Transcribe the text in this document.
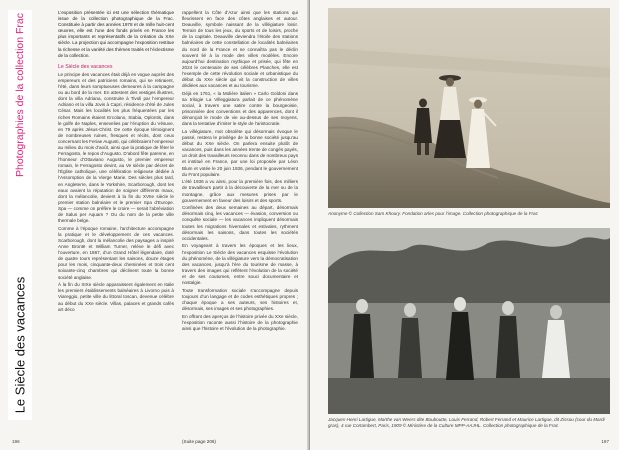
Photographies de la collection Frac
Le Siècle des vacances

L’exposition présentée ici est une sélection thématique issue de la collection photographique de la Frac. Constituée à partir des années 1978 et de mille huit-cent œuvres, elle est l’une des fonds privés en France les plus importants et représentatifs de la création du XXe siècle. La projection qui accompagne l’exposition restitue la richesse et la variété des thèmes traités et l’éclectisme de la collection.

Le Siècle des vacances

Le principe des vacances était déjà en vogue auprès des empereurs et des patriciens romains, qui se retiraient, l’été, dans leurs somptueuses demeures à la campagne ou au bord de la mer. En attestent des vestiges illustres, dont la villa Adriana, construite à Tivoli par l’empereur Adriano et la villa Jovis à Capri, résidence d’été de Jules César. Mais les localités les plus fréquentées par les riches Romains étaient Ercolano, Stabia, Oplontis, dans le golfe de Naples, ensevelies par l’éruption du Vésuve, en 79 après Jésus-Christ. De cette époque témoignent de nombreuses ruines, fresques et récits, dont ceux concernant les Feriae Augusti, qui célébraient l’empereur au milieu du mois d’août, ainsi que la pratique de fêter le Ferragosto, le repos d’Augusto. D’abord fête païenne, en l’honneur d’Ottaviano Augusto, le premier empereur romain, le Ferragosto devint, au Ve siècle par décret de l’Église catholique, une célébration religieuse dédiée à l’Assomption de la Vierge Marie. Des siècles plus tard, en Angleterre, dans le Yorkshire, Scarborough, dont les eaux avaient la réputation de soigner différents maux, dont la mélancolie, devient à la fin du XVIIe siècle le premier station balnéaire et le premier Spa d’Europe. Spa — comme on préfère le croire — serait l’abréviation de Salus per Aquam ? Ou du nom de la petite ville thermale belge.

Comme à l’époque romaine, l’architecture accompagne la pratique et le développement de ces vacances. Scarborough, dont la mélancolie des paysages a inspiré Anne Brontë et William Turner, relève le défi avec l’ouverture, en 1867, d’un Grand Hôtel légendaire, doté de quatre tours représentant les saisons, douze étages pour les mois, cinquante-deux cheminées et trois cent soixante-cinq chambres qui déclinent toute la bonne société anglaise.

À la fin du XIXe siècle apparaissent également en Italie les premiers établissements balnéaires à Livorno puis à Viareggio, petite ville du littoral toscan, devenue célèbre au début du XXe siècle. Villas, palaces et grands cafés art déco

rappellent la Côte d’Azur ainsi que les stations qui fleurissent en face des côtes anglaises et autour. Deauville, symbole naissant de la villégiature loisir. Terrain de tous les jeux, du sports et de loisirs, proche de la capitale. Deauville deviendra l’étoile des stations balnéaires de cette constellation de localités balnéaires du nord de la France et ne connaîtra pas le déclin souvent lié à la mode des villes modèles. Encore aujourd’hui destination mythique et prisée, qui fête en 2024 le centenaire de ses célèbres Planches, elle est l’exemple de cette révolution sociale et urbanistique du début du XXe siècle qui vit la construction de villes dédiées aux vacances et au tourisme.

Déjà en 1761, « la Molière italien » Carlo Goldoni dans sa trilogie La Villeggiatura parlait de ce phénomène social, à travers une satire contre la bourgeoisie, prisonnière des conventions et des apparences, dont il dénonçait le mode de vie au-dessus de ses moyens, dans la tentative d’imiter le style de l’aristocratie.

La villégiature, mot obsolète qui désormais évoque le passé, restera le privilège de la bonne société jusqu’au début du XXe siècle. On parlera ensuite plutôt de vacances, puis dans les années trente de congés payés, un droit des travailleurs reconnu dans de nombreux pays et institué en France, par une loi proposée par Léon Blum et votée le 20 juin 1936, pendant le gouvernement du Front populaire.

L’été 1936 a vu ainsi, pour la première fois, des milliers de travailleurs partir à la découverte de la mer ou de la montagne, grâce aux mesures prises par le gouvernement en faveur des loisirs et des sports.

Confinées des deux semaines au départ, désormais désormais cinq, les vacances — évasion, conversion ou conquête sociale — les vacances impliquent désormais toutes les migrations hivernales et estivales, rythment désormais les saisons, dans toutes les sociétés occidentales.

En voyageant à travers les époques et les lieux, l’exposition Le Siècle des vacances esquisse l’évolution du phénomène, de la villégiature vers la démocratisation des vacances, jusqu’à l’ère du tourisme de masse, à travers des images qui reflètent l’évolution de la société et de ses coutumes, entre souci documentaire et nostalgie.

Toute transformation sociale s’accompagne depuis toujours d’un langage et de codes esthétiques propres ; chaque époque a ses auteurs, ses histoires et, désormais, ses images et ses photographies.

En offrant des aperçus de l’histoire privée du XXe siècle, l’exposition raconte aussi l’histoire de la photographie ainsi que l’histoire et l’évolution de la photographie.

(Suite page 206)
196
Anonyme © Collection Sam Khoury. Fondation arles pour l’image. Collection photographique de la Frac
Jacques-Henri Lartigue, Marthe van Weers dite Bouboutte, Louis Ferrand, Robert Ferrand et Maurice Lartigue, dit Zissou (cour du Mardi gras), 4 rue Cortambert, Paris, 1909 © Ministère de la Culture MPP-AAJHL. Collection photographique de la Frac
197
